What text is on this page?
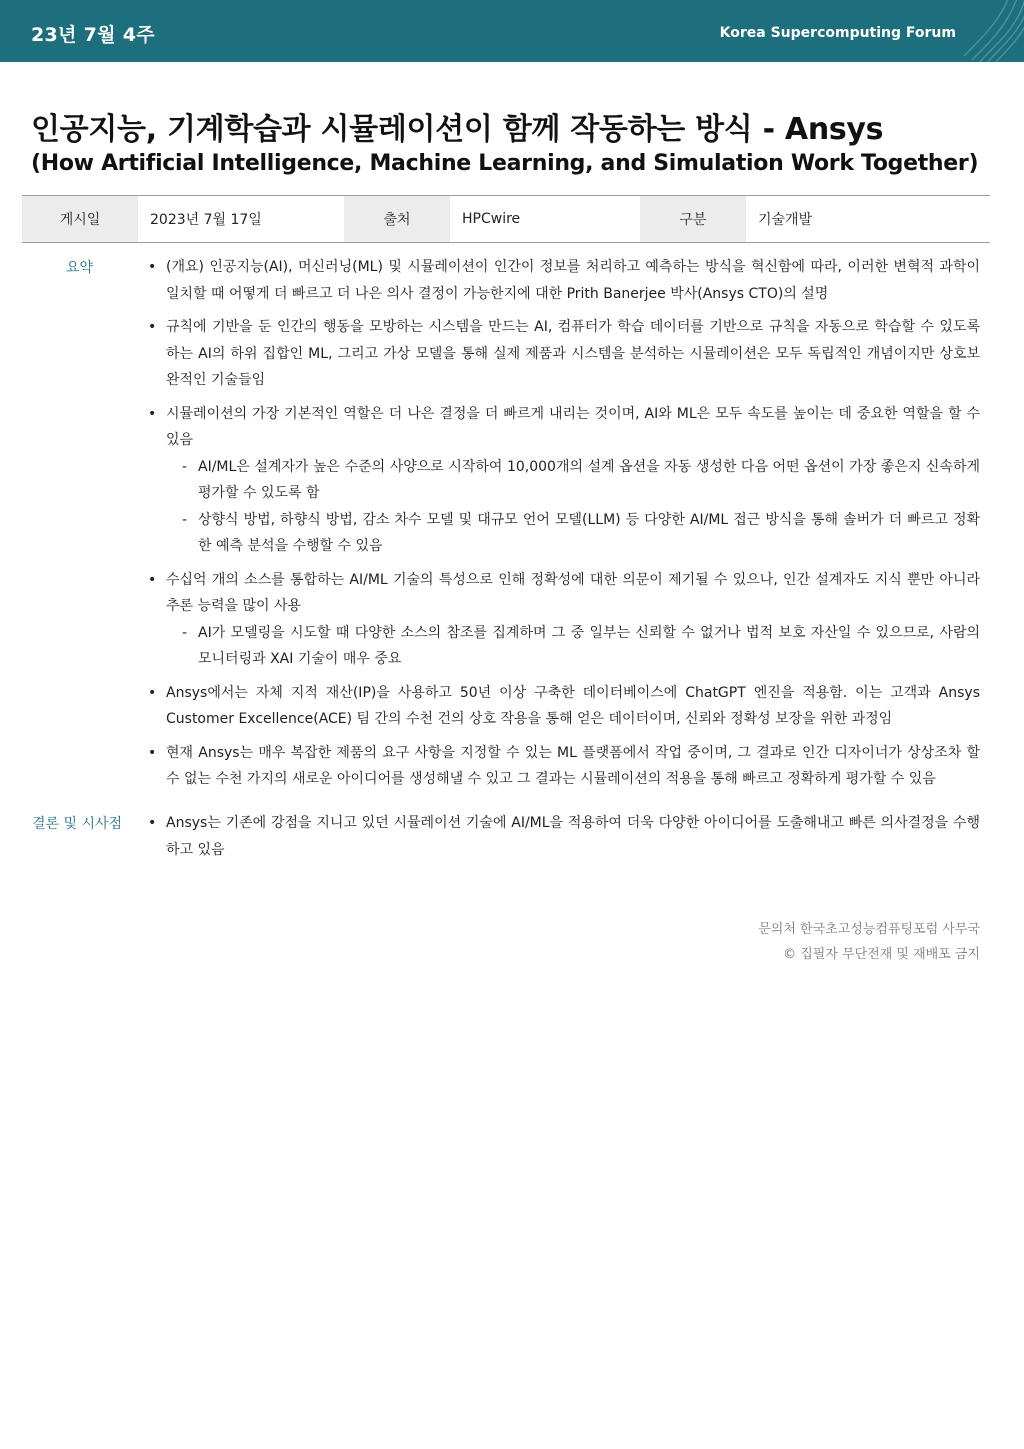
23년 7월 4주	Korea Supercomputing Forum
인공지능, 기계학습과 시뮬레이션이 함께 작동하는 방식 - Ansys
(How Artificial Intelligence, Machine Learning, and Simulation Work Together)
게시일	2023년 7월 17일	출처	HPCwire	구분	기술개발
요약	• (개요) 인공지능(AI), 머신러닝(ML) 및 시뮬레이션이 인간이 정보를 처리하고 예측하는 방식을 혁신함에 따라, 이러한 변혁적 과학이 일치할 때 어떻게 더 빠르고 더 나은 의사 결정이 가능한지에 대한 Prith Banerjee 박사(Ansys CTO)의 설명
• 규칙에 기반을 둔 인간의 행동을 모방하는 시스템을 만드는 AI, 컴퓨터가 학습 데이터를 기반으로 규칙을 자동으로 학습할 수 있도록 하는 AI의 하위 집합인 ML, 그리고 가상 모델을 통해 실제 제품과 시스템을 분석하는 시뮬레이션은 모두 독립적인 개념이지만 상호보완적인 기술들임
• 시뮬레이션의 가장 기본적인 역할은 더 나은 결정을 더 빠르게 내리는 것이며, AI와 ML은 모두 속도를 높이는 데 중요한 역할을 할 수 있음
- AI/ML은 설계자가 높은 수준의 사양으로 시작하여 10,000개의 설계 옵션을 자동 생성한 다음 어떤 옵션이 가장 좋은지 신속하게 평가할 수 있도록 함
- 상향식 방법, 하향식 방법, 감소 차수 모델 및 대규모 언어 모델(LLM) 등 다양한 AI/ML 접근 방식을 통해 솔버가 더 빠르고 정확한 예측 분석을 수행할 수 있음
• 수십억 개의 소스를 통합하는 AI/ML 기술의 특성으로 인해 정확성에 대한 의문이 제기될 수 있으나, 인간 설계자도 지식 뿐만 아니라 추론 능력을 많이 사용
- AI가 모델링을 시도할 때 다양한 소스의 참조를 집계하며 그 중 일부는 신뢰할 수 없거나 법적 보호 자산일 수 있으므로, 사람의 모니터링과 XAI 기술이 매우 중요
• Ansys에서는 자체 지적 재산(IP)을 사용하고 50년 이상 구축한 데이터베이스에 ChatGPT 엔진을 적용함. 이는 고객과 Ansys Customer Excellence(ACE) 팀 간의 수천 건의 상호 작용을 통해 얻은 데이터이며, 신뢰와 정확성 보장을 위한 과정임
• 현재 Ansys는 매우 복잡한 제품의 요구 사항을 지정할 수 있는 ML 플랫폼에서 작업 중이며, 그 결과로 인간 디자이너가 상상조차 할 수 없는 수천 가지의 새로운 아이디어를 생성해낼 수 있고 그 결과는 시뮬레이션의 적용을 통해 빠르고 정확하게 평가할 수 있음
결론 및 시사점	• Ansys는 기존에 강점을 지니고 있던 시뮬레이션 기술에 AI/ML을 적용하여 더욱 다양한 아이디어를 도출해내고 빠른 의사결정을 수행하고 있음
문의처 한국초고성능컴퓨팅포럼 사무국
© 집필자 무단전재 및 재배포 금지
